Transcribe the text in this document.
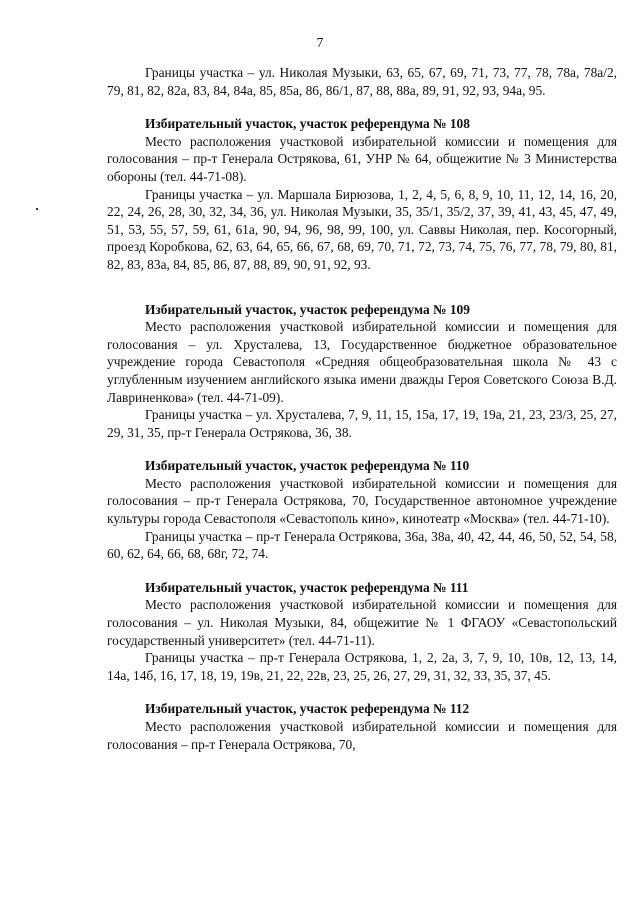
7

Границы участка – ул. Николая Музыки, 63, 65, 67, 69, 71, 73, 77, 78, 78а, 78а/2, 79, 81, 82, 82а, 83, 84, 84а, 85, 85а, 86, 86/1, 87, 88, 88а, 89, 91, 92, 93, 94а, 95.

Избирательный участок, участок референдума № 108

Место расположения участковой избирательной комиссии и помещения для голосования – пр-т Генерала Острякова, 61, УНР № 64, общежитие № 3 Министерства обороны (тел. 44-71-08).

Границы участка – ул. Маршала Бирюзова, 1, 2, 4, 5, 6, 8, 9, 10, 11, 12, 14, 16, 20, 22, 24, 26, 28, 30, 32, 34, 36, ул. Николая Музыки, 35, 35/1, 35/2, 37, 39, 41, 43, 45, 47, 49, 51, 53, 55, 57, 59, 61, 61а, 90, 94, 96, 98, 99, 100, ул. Саввы Николая, пер. Косогорный, проезд Коробкова, 62, 63, 64, 65, 66, 67, 68, 69, 70, 71, 72, 73, 74, 75, 76, 77, 78, 79, 80, 81, 82, 83, 83а, 84, 85, 86, 87, 88, 89, 90, 91, 92, 93.

Избирательный участок, участок референдума № 109

Место расположения участковой избирательной комиссии и помещения для голосования – ул. Хрусталева, 13, Государственное бюджетное образовательное учреждение города Севастополя «Средняя общеобразовательная школа № 43 с углубленным изучением английского языка имени дважды Героя Советского Союза В.Д. Лавриненкова» (тел. 44-71-09).

Границы участка – ул. Хрусталева, 7, 9, 11, 15, 15а, 17, 19, 19а, 21, 23, 23/3, 25, 27, 29, 31, 35, пр-т Генерала Острякова, 36, 38.

Избирательный участок, участок референдума № 110

Место расположения участковой избирательной комиссии и помещения для голосования – пр-т Генерала Острякова, 70, Государственное автономное учреждение культуры города Севастополя «Севастополь кино», кинотеатр «Москва» (тел. 44-71-10).

Границы участка – пр-т Генерала Острякова, 36а, 38а, 40, 42, 44, 46, 50, 52, 54, 58, 60, 62, 64, 66, 68, 68г, 72, 74.

Избирательный участок, участок референдума № 111

Место расположения участковой избирательной комиссии и помещения для голосования – ул. Николая Музыки, 84, общежитие № 1 ФГАОУ «Севастопольский государственный университет» (тел. 44-71-11).

Границы участка – пр-т Генерала Острякова, 1, 2, 2а, 3, 7, 9, 10, 10в, 12, 13, 14, 14а, 14б, 16, 17, 18, 19, 19в, 21, 22, 22в, 23, 25, 26, 27, 29, 31, 32, 33, 35, 37, 45.

Избирательный участок, участок референдума № 112

Место расположения участковой избирательной комиссии и помещения для голосования – пр-т Генерала Острякова, 70,
